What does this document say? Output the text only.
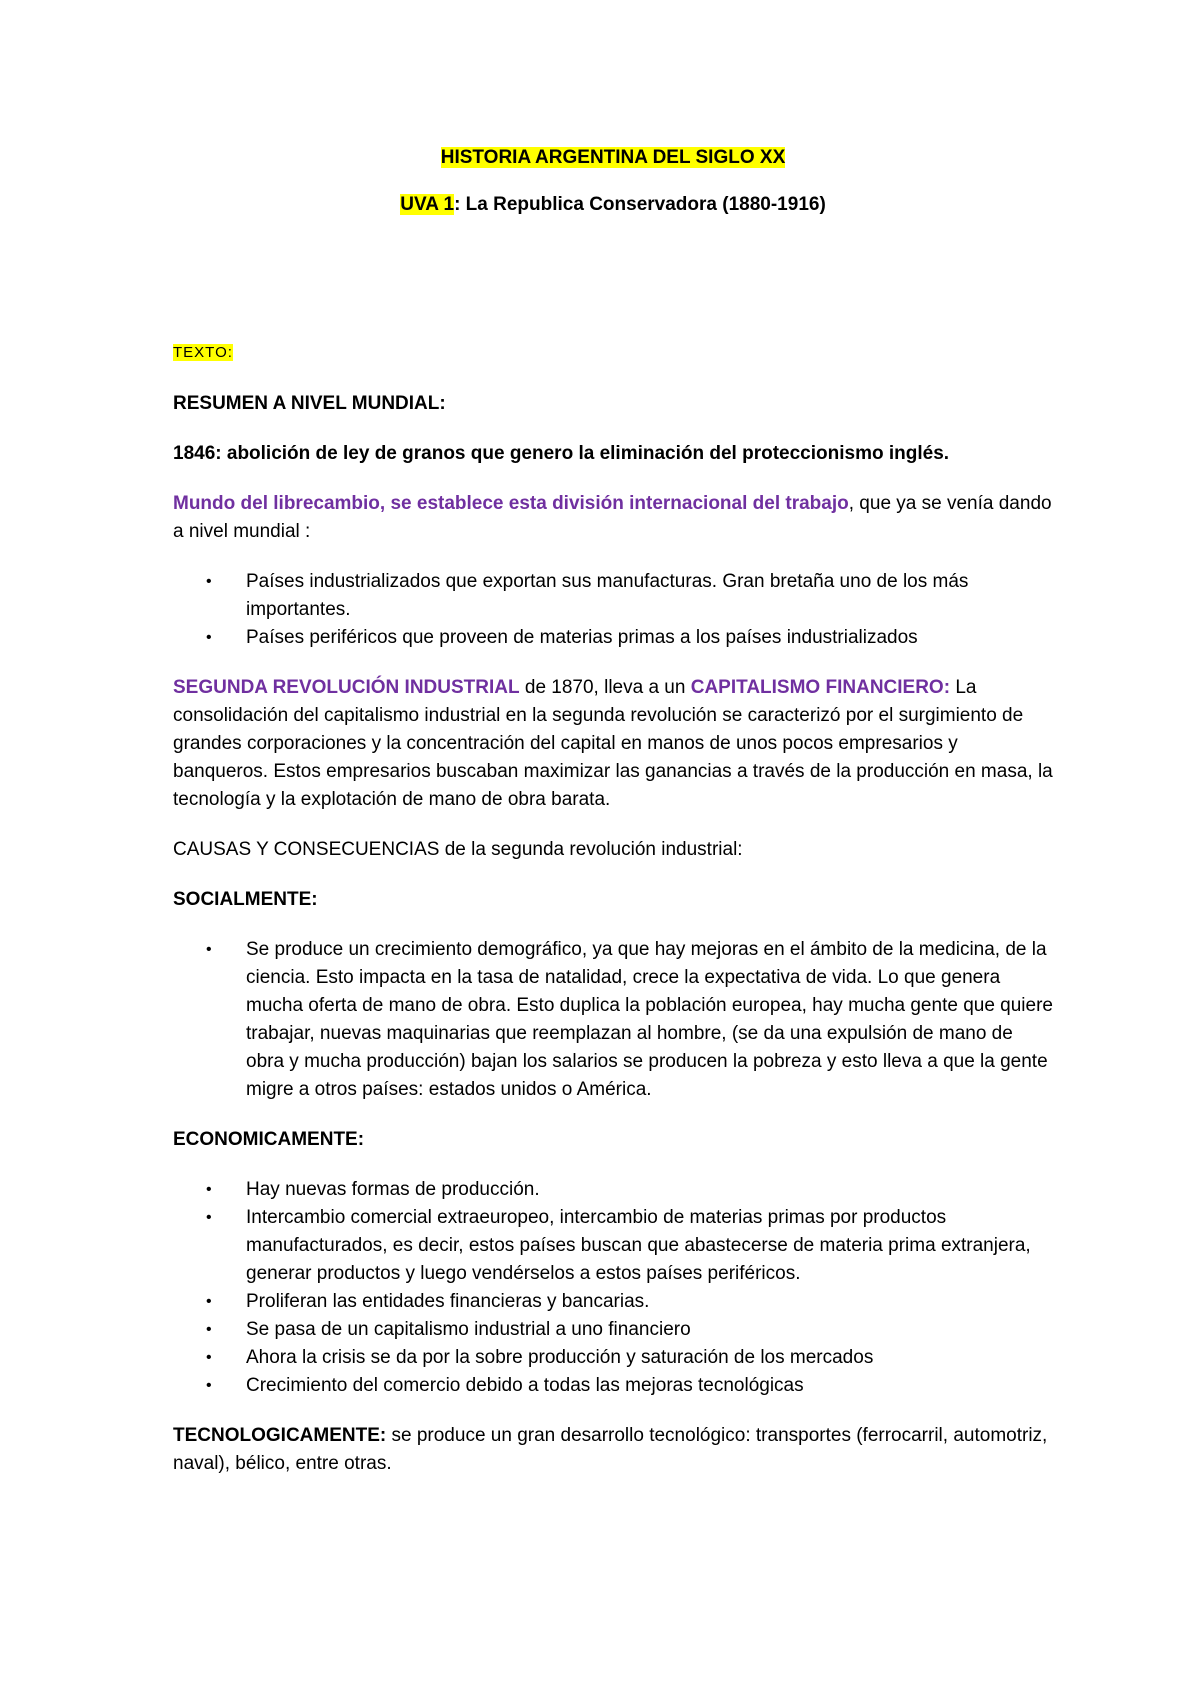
HISTORIA ARGENTINA DEL SIGLO XX

UVA 1: La Republica Conservadora (1880-1916)

TEXTO:

RESUMEN A NIVEL MUNDIAL:

1846: abolición de ley de granos que genero la eliminación del proteccionismo inglés.

Mundo del librecambio, se establece esta división internacional del trabajo, que ya se venía dando a nivel mundial :

• Países industrializados que exportan sus manufacturas. Gran bretaña uno de los más importantes.
• Países periféricos que proveen de materias primas a los países industrializados

SEGUNDA REVOLUCIÓN INDUSTRIAL de 1870, lleva a un CAPITALISMO FINANCIERO: La consolidación del capitalismo industrial en la segunda revolución se caracterizó por el surgimiento de grandes corporaciones y la concentración del capital en manos de unos pocos empresarios y banqueros. Estos empresarios buscaban maximizar las ganancias a través de la producción en masa, la tecnología y la explotación de mano de obra barata.

CAUSAS Y CONSECUENCIAS de la segunda revolución industrial:

SOCIALMENTE:

• Se produce un crecimiento demográfico, ya que hay mejoras en el ámbito de la medicina, de la ciencia. Esto impacta en la tasa de natalidad, crece la expectativa de vida. Lo que genera mucha oferta de mano de obra. Esto duplica la población europea, hay mucha gente que quiere trabajar, nuevas maquinarias que reemplazan al hombre, (se da una expulsión de mano de obra y mucha producción) bajan los salarios se producen la pobreza y esto lleva a que la gente migre a otros países: estados unidos o América.

ECONOMICAMENTE:

• Hay nuevas formas de producción.
• Intercambio comercial extraeuropeo, intercambio de materias primas por productos manufacturados, es decir, estos países buscan que abastecerse de materia prima extranjera, generar productos y luego vendérselos a estos países periféricos.
• Proliferan las entidades financieras y bancarias.
• Se pasa de un capitalismo industrial a uno financiero
• Ahora la crisis se da por la sobre producción y saturación de los mercados
• Crecimiento del comercio debido a todas las mejoras tecnológicas

TECNOLOGICAMENTE: se produce un gran desarrollo tecnológico: transportes (ferrocarril, automotriz, naval), bélico, entre otras.
